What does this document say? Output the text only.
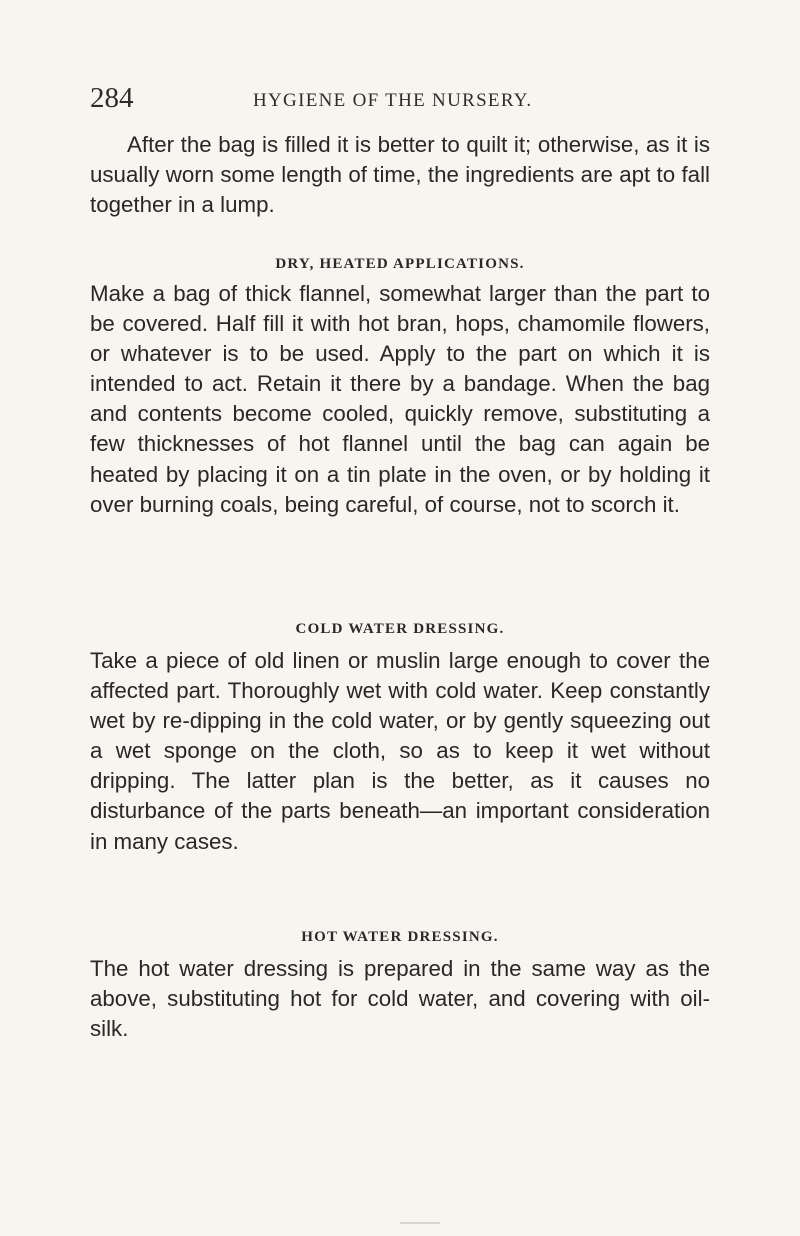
284	HYGIENE OF THE NURSERY.

After the bag is filled it is better to quilt it; otherwise, as it is usually worn some length of time, the ingredients are apt to fall together in a lump.

DRY, HEATED APPLICATIONS.

Make a bag of thick flannel, somewhat larger than the part to be covered. Half fill it with hot bran, hops, chamomile flowers, or whatever is to be used. Apply to the part on which it is intended to act. Retain it there by a bandage. When the bag and contents become cooled, quickly remove, substituting a few thicknesses of hot flannel until the bag can again be heated by placing it on a tin plate in the oven, or by holding it over burning coals, being careful, of course, not to scorch it.

COLD WATER DRESSING.

Take a piece of old linen or muslin large enough to cover the affected part. Thoroughly wet with cold water. Keep constantly wet by re-dipping in the cold water, or by gently squeezing out a wet sponge on the cloth, so as to keep it wet without dripping. The latter plan is the better, as it causes no disturbance of the parts beneath—an important consideration in many cases.

HOT WATER DRESSING.

The hot water dressing is prepared in the same way as the above, substituting hot for cold water, and covering with oil-silk.
